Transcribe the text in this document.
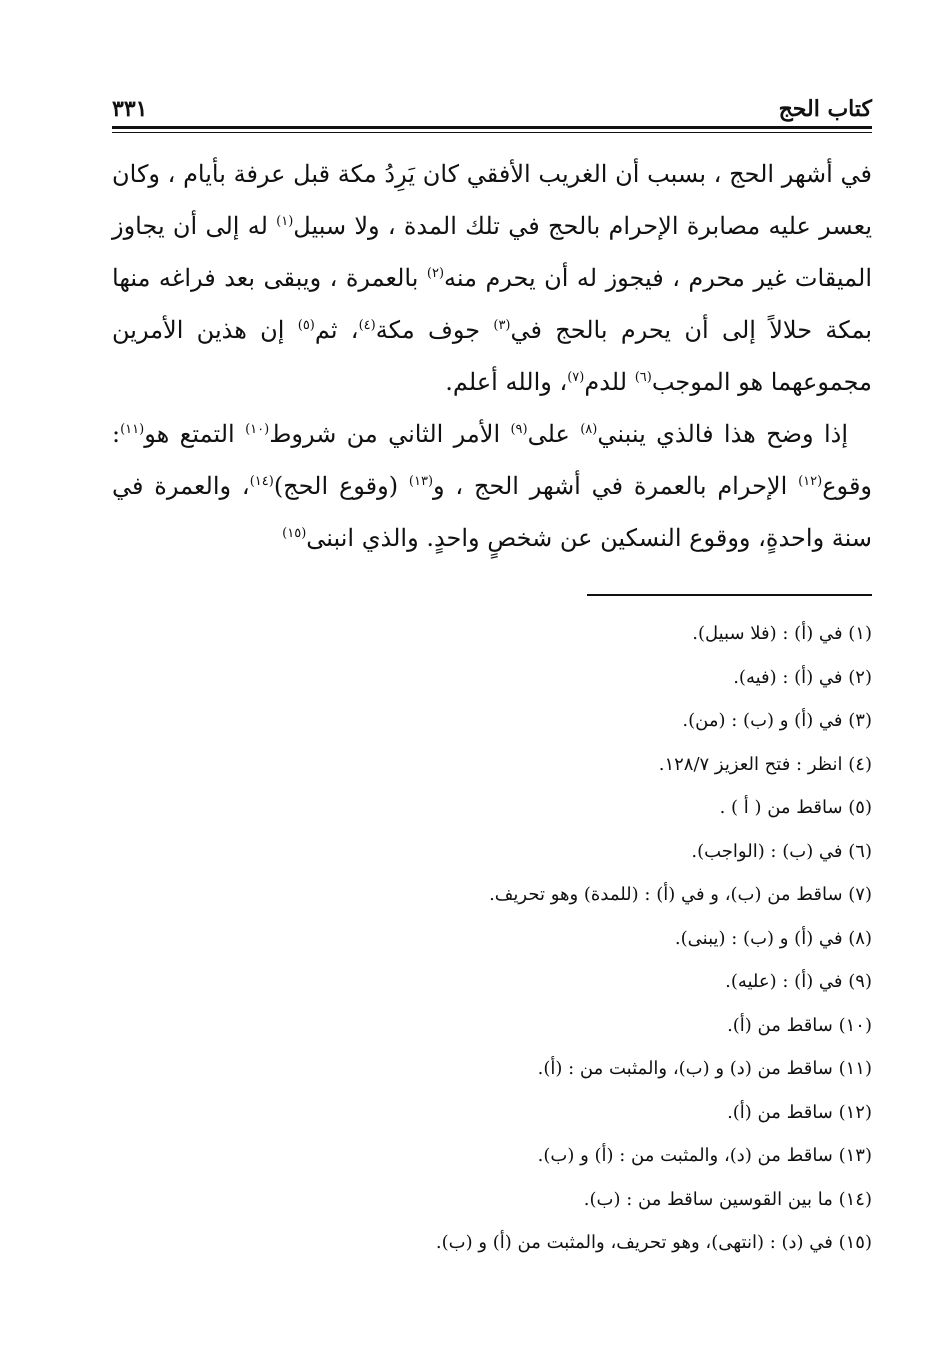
كتاب الحج
٣٣١

في أشهر الحج ، بسبب أن الغريب الأفقي كان يَرِدُ مكة قبل عرفة بأيام ، وكان يعسر عليه مصابرة الإحرام بالحج في تلك المدة ، ولا سبيل$^{(١)}$ له إلى أن يجاوز الميقات غير محرم ، فيجوز له أن يحرم منه$^{(٢)}$ بالعمرة ، ويبقى بعد فراغه منها بمكة حلالاً إلى أن يحرم بالحج في$^{(٣)}$ جوف مكة$^{(٤)}$، ثم$^{(٥)}$ إن هذين الأمرين مجموعهما هو الموجب$^{(٦)}$ للدم$^{(٧)}$، والله أعلم.

إذا وضح هذا فالذي ينبني$^{(٨)}$ على$^{(٩)}$ الأمر الثاني من شروط$^{(١٠)}$ التمتع هو$^{(١١)}$: وقوع$^{(١٢)}$ الإحرام بالعمرة في أشهر الحج ، و$^{(١٣)}$ (وقوع الحج)$^{(١٤)}$، والعمرة في سنة واحدةٍ، ووقوع النسكين عن شخصٍ واحدٍ. والذي انبنى$^{(١٥)}$

(١) في (أ) : (فلا سبيل).
(٢) في (أ) : (فيه).
(٣) في (أ) و (ب) : (من).
(٤) انظر : فتح العزيز ١٢٨/٧.
(٥) ساقط من ( أ ) .
(٦) في (ب) : (الواجب).
(٧) ساقط من (ب)، و في (أ) : (للمدة) وهو تحريف.
(٨) في (أ) و (ب) : (يبنى).
(٩) في (أ) : (عليه).
(١٠) ساقط من (أ).
(١١) ساقط من (د) و (ب)، والمثبت من : (أ).
(١٢) ساقط من (أ).
(١٣) ساقط من (د)، والمثبت من : (أ) و (ب).
(١٤) ما بين القوسين ساقط من : (ب).
(١٥) في (د) : (انتهى)، وهو تحريف، والمثبت من (أ) و (ب).
